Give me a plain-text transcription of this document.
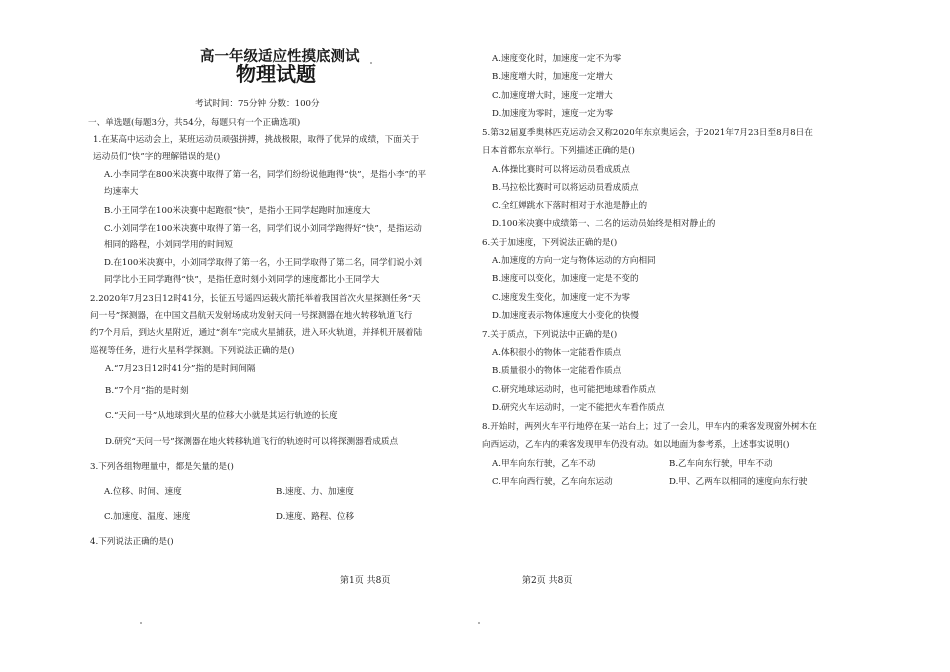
高一年级适应性摸底测试
物理试题
考试时间：75分钟 分数：100分
一、单选题(每题3分，共54分，每题只有一个正确选项)
1.在某高中运动会上，某班运动员顽强拼搏，挑战极限，取得了优异的成绩，下面关于
运动员们“快”字的理解错误的是()
A.小李同学在800米决赛中取得了第一名，同学们纷纷说他跑得“快”，是指小李”的平
均速率大
B.小王同学在100米决赛中起跑很“快”，是指小王同学起跑时加速度大
C.小刘同学在100米决赛中取得了第一名，同学们说小刘同学跑得好“快”，是指运动
相同的路程，小刘同学用的时间短
D.在100米决赛中，小刘同学取得了第一名，小王同学取得了第二名，同学们说小刘
同学比小王同学跑得“快”，是指任意时刻小刘同学的速度都比小王同学大
2.2020年7月23日12时41分，长征五号遥四运载火箭托举着我国首次火星探测任务“天
问一号”探测器，在中国文昌航天发射场成功发射天问一号探测器在地火转移轨道飞行
约7个月后，到达火星附近，通过“刹车”完成火星捕获，进入环火轨道，并择机开展着陆
巡视等任务，进行火星科学探测。下列说法正确的是()
A.“7月23日12时41分”指的是时间间隔
B.“7个月”指的是时刻
C.“天问一号”从地球到火星的位移大小就是其运行轨迹的长度
D.研究“天问一号”探测器在地火转移轨道飞行的轨迹时可以将探测器看成质点
3.下列各组物理量中，都是矢量的是()
A.位移、时间、速度	B.速度、力、加速度
C.加速度、温度、速度	D.速度、路程、位移
4.下列说法正确的是()
第1页 共8页
A.速度变化时，加速度一定不为零
B.速度增大时，加速度一定增大
C.加速度增大时，速度一定增大
D.加速度为零时，速度一定为零
5.第32届夏季奥林匹克运动会又称2020年东京奥运会，于2021年7月23日至8月8日在
日本首都东京举行。下列描述正确的是()
A.体操比赛时可以将运动员看成质点
B.马拉松比赛时可以将运动员看成质点
C.全红婵跳水下落时相对于水池是静止的
D.100米决赛中成绩第一、二名的运动员始终是相对静止的
6.关于加速度，下列说法正确的是()
A.加速度的方向一定与物体运动的方向相同
B.速度可以变化，加速度一定是不变的
C.速度发生变化，加速度一定不为零
D.加速度表示物体速度大小变化的快慢
7.关于质点，下列说法中正确的是()
A.体积很小的物体一定能看作质点
B.质量很小的物体一定能看作质点
C.研究地球运动时，也可能把地球看作质点
D.研究火车运动时，一定不能把火车看作质点
8.开始时，两列火车平行地停在某一站台上；过了一会儿，甲车内的乘客发现窗外树木在
向西运动，乙车内的乘客发现甲车仍没有动。如以地面为参考系，上述事实说明()
A.甲车向东行驶，乙车不动	B.乙车向东行驶，甲车不动
C.甲车向西行驶，乙车向东运动	D.甲、乙两车以相同的速度向东行驶
第2页 共8页
